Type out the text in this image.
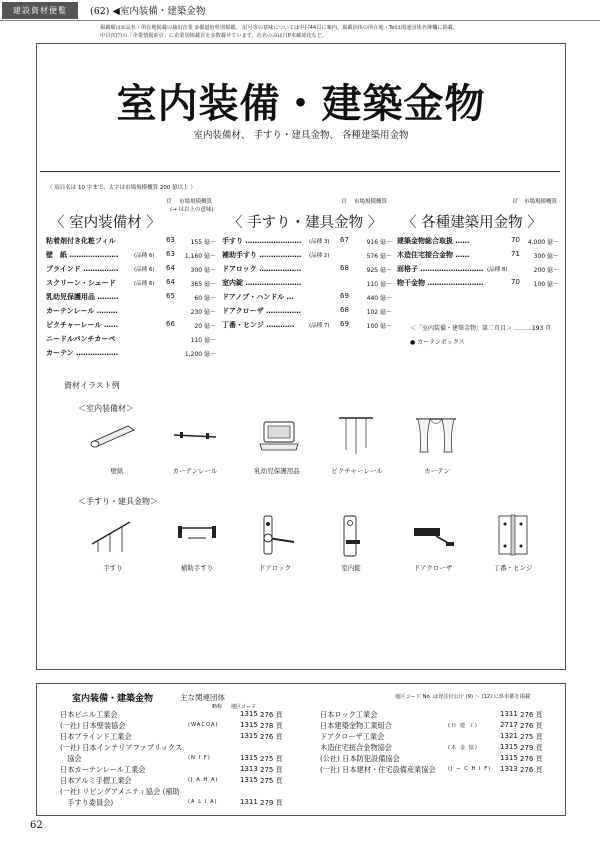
建設資材便覧	(62) ◀室内装備・建築金物
掲載順は①品名・所在地掲載の抽出企業 ②都道府県別掲載。 記号等の意味については中付44頁に案内。掲載団体の所在地・Telは関連団体名簿欄に掲載。
中目次(ｱ)の「企業情報索引」に企業別掲載頁を多数載せています。社名のみは日P末確認化など。
室内装備・建築金物
室内装備材、 手すり・建具金物、 各種建築用金物
（ 項目名は 10 字まで、太字は市場規模概算 200 億以上 ）
頁 市場規模概算
(→ は以上の意味)
頁 市場規模概算	頁 市場規模概算
〈 室内装備材 〉	〈 手すり・建具金物 〉 〈 各種建築用金物 〉
粘着剤付き化粧フィル	63	155 億〜
壁　紙 …………………	(品種 6) 63 1,160 億〜
ブラインド ……………	(品種 6) 64	300 億〜
スクリーン・シェード	(品種 6) 64	365 億〜
乳幼児保護用品 ………	65	60 億〜
カーテンレール ………	230 億〜
ピクチャーレール ……	66	20 億〜
ニードルパンチカーペ	110 億〜
カーテン ………………	1,200 億〜
手すり …………………… (品種 3) 67	916 億〜
補助手すり ……………… (品種 2)	576 億〜
ドアロック ………………	68	925 億〜
室内錠 ……………………	110 億〜
ドアノブ・ハンドル …	69	440 億〜
ドアクローザ ……………	68	102 億〜
丁番・ヒンジ …………	(品種 7) 69	100 億〜
建築金物総合取扱 ……	70 4,000 億〜
木造住宅接合金物 ……	71 300 億〜
面格子 ……………………… (品種 8)	200 億〜
物干金物 ……………………	70 100 億〜
＜「室内装備・建築金物」第二頁目＞ ………193 頁
● カーテンボックス
資材イラスト例
＜室内装備材＞
＜手すり・建具金物＞
壁紙	カーテンレール	乳幼児保護用品	ピクチャーレール	カーテン
手すり	補助手すり	ドアロック	室内錠	ドアクローザ	丁番・ヒンジ
室内装備・建築金物	主な関連団体
略称 地区コード
地区コード No. は発注官公庁 (9) 〜 (12) に県市都を掲載
日本ビニル工業会	1315 276 頁
(一社) 日本壁装協会	(WACOA)	1315 278 頁
日本ブラインド工業会	1315 276 頁
(一社) 日本インテリアファブリックス
　協会	(N I F)	1315 275 頁
日本カーテンレール工業会	1313 275 頁
日本アルミ手摺工業会	(J A H A)	1315 275 頁
(一社) リビングアメニティ協会 (補助
　手すり委員会)	(A L I A)	1311 279 頁
日本ロック工業会	1311 276 頁
日本建築金物工業組合	(日 建 工)	2717 276 頁
ドアクローザ工業会	1321 275 頁
木造住宅接合金物協会	(木 金 協)	1315 279 頁
(公社) 日本防犯設備協会	1315 276 頁
(一社) 日本建材・住宅設備産業協会 (J − C H I F) 1313 276 頁
62
